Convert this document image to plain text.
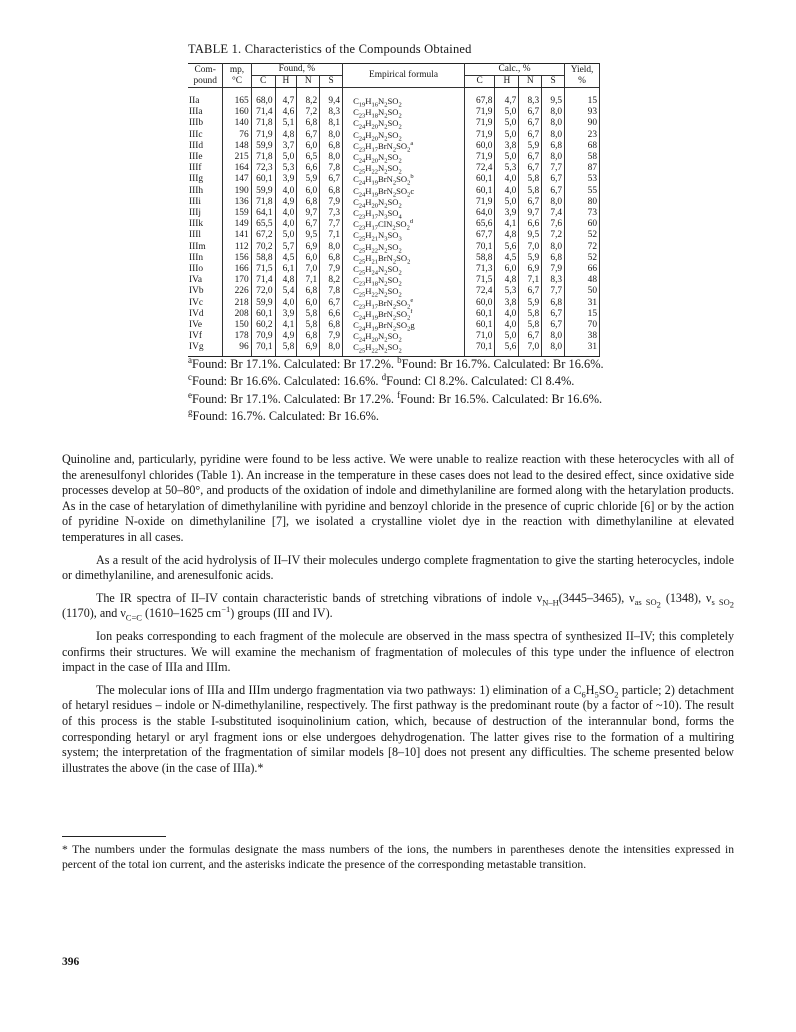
TABLE 1. Characteristics of the Compounds Obtained
Com-
pound	mp,
°C	Found, %				Empirical formula	Calc., %				Yield,
%
		C	H	N	S		C	H	N	S	
IIa	165	68,0	4,7	8,2	9,4	$C_{19}H_{16}N_2SO_2$	67,8	4,7	8,3	9,5	15
IIIa	160	71,4	4,6	7,2	8,3	$C_{23}H_{18}N_2SO_2$	71,9	5,0	6,7	8,0	93
IIIb	140	71,8	5,1	6,8	8,1	$C_{24}H_{20}N_2SO_2$	71,9	5,0	6,7	8,0	90
IIIc	76	71,9	4,8	6,7	8,0	$C_{24}H_{20}N_2SO_2$	71,9	5,0	6,7	8,0	23
IIId	148	59,9	3,7	6,0	6,8	$C_{23}H_{17}BrN_2SO_2^a$	60,0	3,8	5,9	6,8	68
IIIe	215	71,8	5,0	6,5	8,0	$C_{24}H_{20}N_2SO_2$	71,9	5,0	6,7	8,0	58
IIIf	164	72,3	5,3	6,6	7,8	$C_{25}H_{22}N_2SO_2$	72,4	5,3	6,7	7,7	87
IIIg	147	60,1	3,9	5,9	6,7	$C_{24}H_{19}BrN_2SO_2^b$	60,1	4,0	5,8	6,7	53
IIIh	190	59,9	4,0	6,0	6,8	$C_{24}H_{19}BrN_2SO_2c$	60,1	4,0	5,8	6,7	55
IIIi	136	71,8	4,9	6,8	7,9	$C_{24}H_{20}N_2SO_2$	71,9	5,0	6,7	8,0	80
IIIj	159	64,1	4,0	9,7	7,3	$C_{23}H_{17}N_3SO_4$	64,0	3,9	9,7	7,4	73
IIIk	149	65,5	4,0	6,7	7,7	$C_{23}H_{17}ClN_2SO_2^d$	65,6	4,1	6,6	7,6	60
IIIl	141	67,2	5,0	9,5	7,1	$C_{25}H_{21}N_3SO_3$	67,7	4,8	9,5	7,2	52
IIIm	112	70,2	5,7	6,9	8,0	$C_{25}H_{22}N_2SO_2$	70,1	5,6	7,0	8,0	72
IIIn	156	58,8	4,5	6,0	6,8	$C_{25}H_{21}BrN_2SO_2$	58,8	4,5	5,9	6,8	52
IIIo	166	71,5	6,1	7,0	7,9	$C_{25}H_{24}N_2SO_2$	71,3	6,0	6,9	7,9	66
IVa	170	71,4	4,8	7,1	8,2	$C_{23}H_{18}N_2SO_2$	71,5	4,8	7,1	8,3	48
IVb	226	72,0	5,4	6,8	7,8	$C_{25}H_{22}N_2SO_2$	72,4	5,3	6,7	7,7	50
IVc	218	59,9	4,0	6,0	6,7	$C_{23}H_{17}BrN_2SO_2^e$	60,0	3,8	5,9	6,8	31
IVd	208	60,1	3,9	5,8	6,6	$C_{24}H_{19}BrN_2SO_2^f$	60,1	4,0	5,8	6,7	15
IVe	150	60,2	4,1	5,8	6,8	$C_{24}H_{19}BrN_2SO_2g$	60,1	4,0	5,8	6,7	70
IVf	178	70,9	4,9	6,8	7,9	$C_{24}H_{20}N_2SO_2$	71,0	5,0	6,7	8,0	38
IVg	96	70,1	5,8	6,9	8,0	$C_{25}H_{22}N_2SO_2$	70,1	5,6	7,0	8,0	31
$^a$Found: Br 17.1%. Calculated: Br 17.2%. $^b$Found: Br 16.7%. Calculated: Br 16.6%. $^c$Found: Br 16.6%. Calculated: 16.6%. $^d$Found: Cl 8.2%. Calculated: Cl 8.4%. $^e$Found: Br 17.1%. Calculated: Br 17.2%. $^f$Found: Br 16.5%. Calculated: Br 16.6%. $^g$Found: 16.7%. Calculated: Br 16.6%.

Quinoline and, particularly, pyridine were found to be less active. We were unable to realize reaction with these heterocycles with all of the arenesulfonyl chlorides (Table 1). An increase in the temperature in these cases does not lead to the desired effect, since oxidative side processes develop at 50–80°, and products of the oxidation of indole and dimethylaniline are formed along with the hetarylation products. As in the case of hetarylation of dimethylaniline with pyridine and benzoyl chloride in the presence of cupric chloride [6] or by the action of pyridine N-oxide on dimethylaniline [7], we isolated a crystalline violet dye in the reaction with dimethylaniline at elevated temperatures in all cases.

As a result of the acid hydrolysis of II–IV their molecules undergo complete fragmentation to give the starting heterocycles, indole or dimethylaniline, and arenesulfonic acids.

The IR spectra of II–IV contain characteristic bands of stretching vibrations of indole $\nu_{N-H}(3445-3465)$, $\nu_{as SO_2}$ (1348), $\nu_{s SO_2}$ (1170), and $\nu_{C=C}$ (1610–1625 $cm^{-1}$) groups (III and IV).

Ion peaks corresponding to each fragment of the molecule are observed in the mass spectra of synthesized II–IV; this completely confirms their structures. We will examine the mechanism of fragmentation of molecules of this type under the influence of electron impact in the case of IIIa and IIIm.

The molecular ions of IIIa and IIIm undergo fragmentation via two pathways: 1) elimination of a $C_6H_5SO_2$ particle; 2) detachment of hetaryl residues – indole or N-dimethylaniline, respectively. The first pathway is the predominant route (by a factor of ~10). The result of this process is the stable I-substituted isoquinolinium cation, which, because of destruction of the interannular bond, forms the corresponding hetaryl or aryl fragment ions or else undergoes dehydrogenation. The latter gives rise to the formation of a multiring system; the interpretation of the fragmentation of similar models [8–10] does not present any difficulties. The scheme presented below illustrates the above (in the case of IIIa).*

* The numbers under the formulas designate the mass numbers of the ions, the numbers in parentheses denote the intensities expressed in percent of the total ion current, and the asterisks indicate the presence of the corresponding metastable transition.
396
